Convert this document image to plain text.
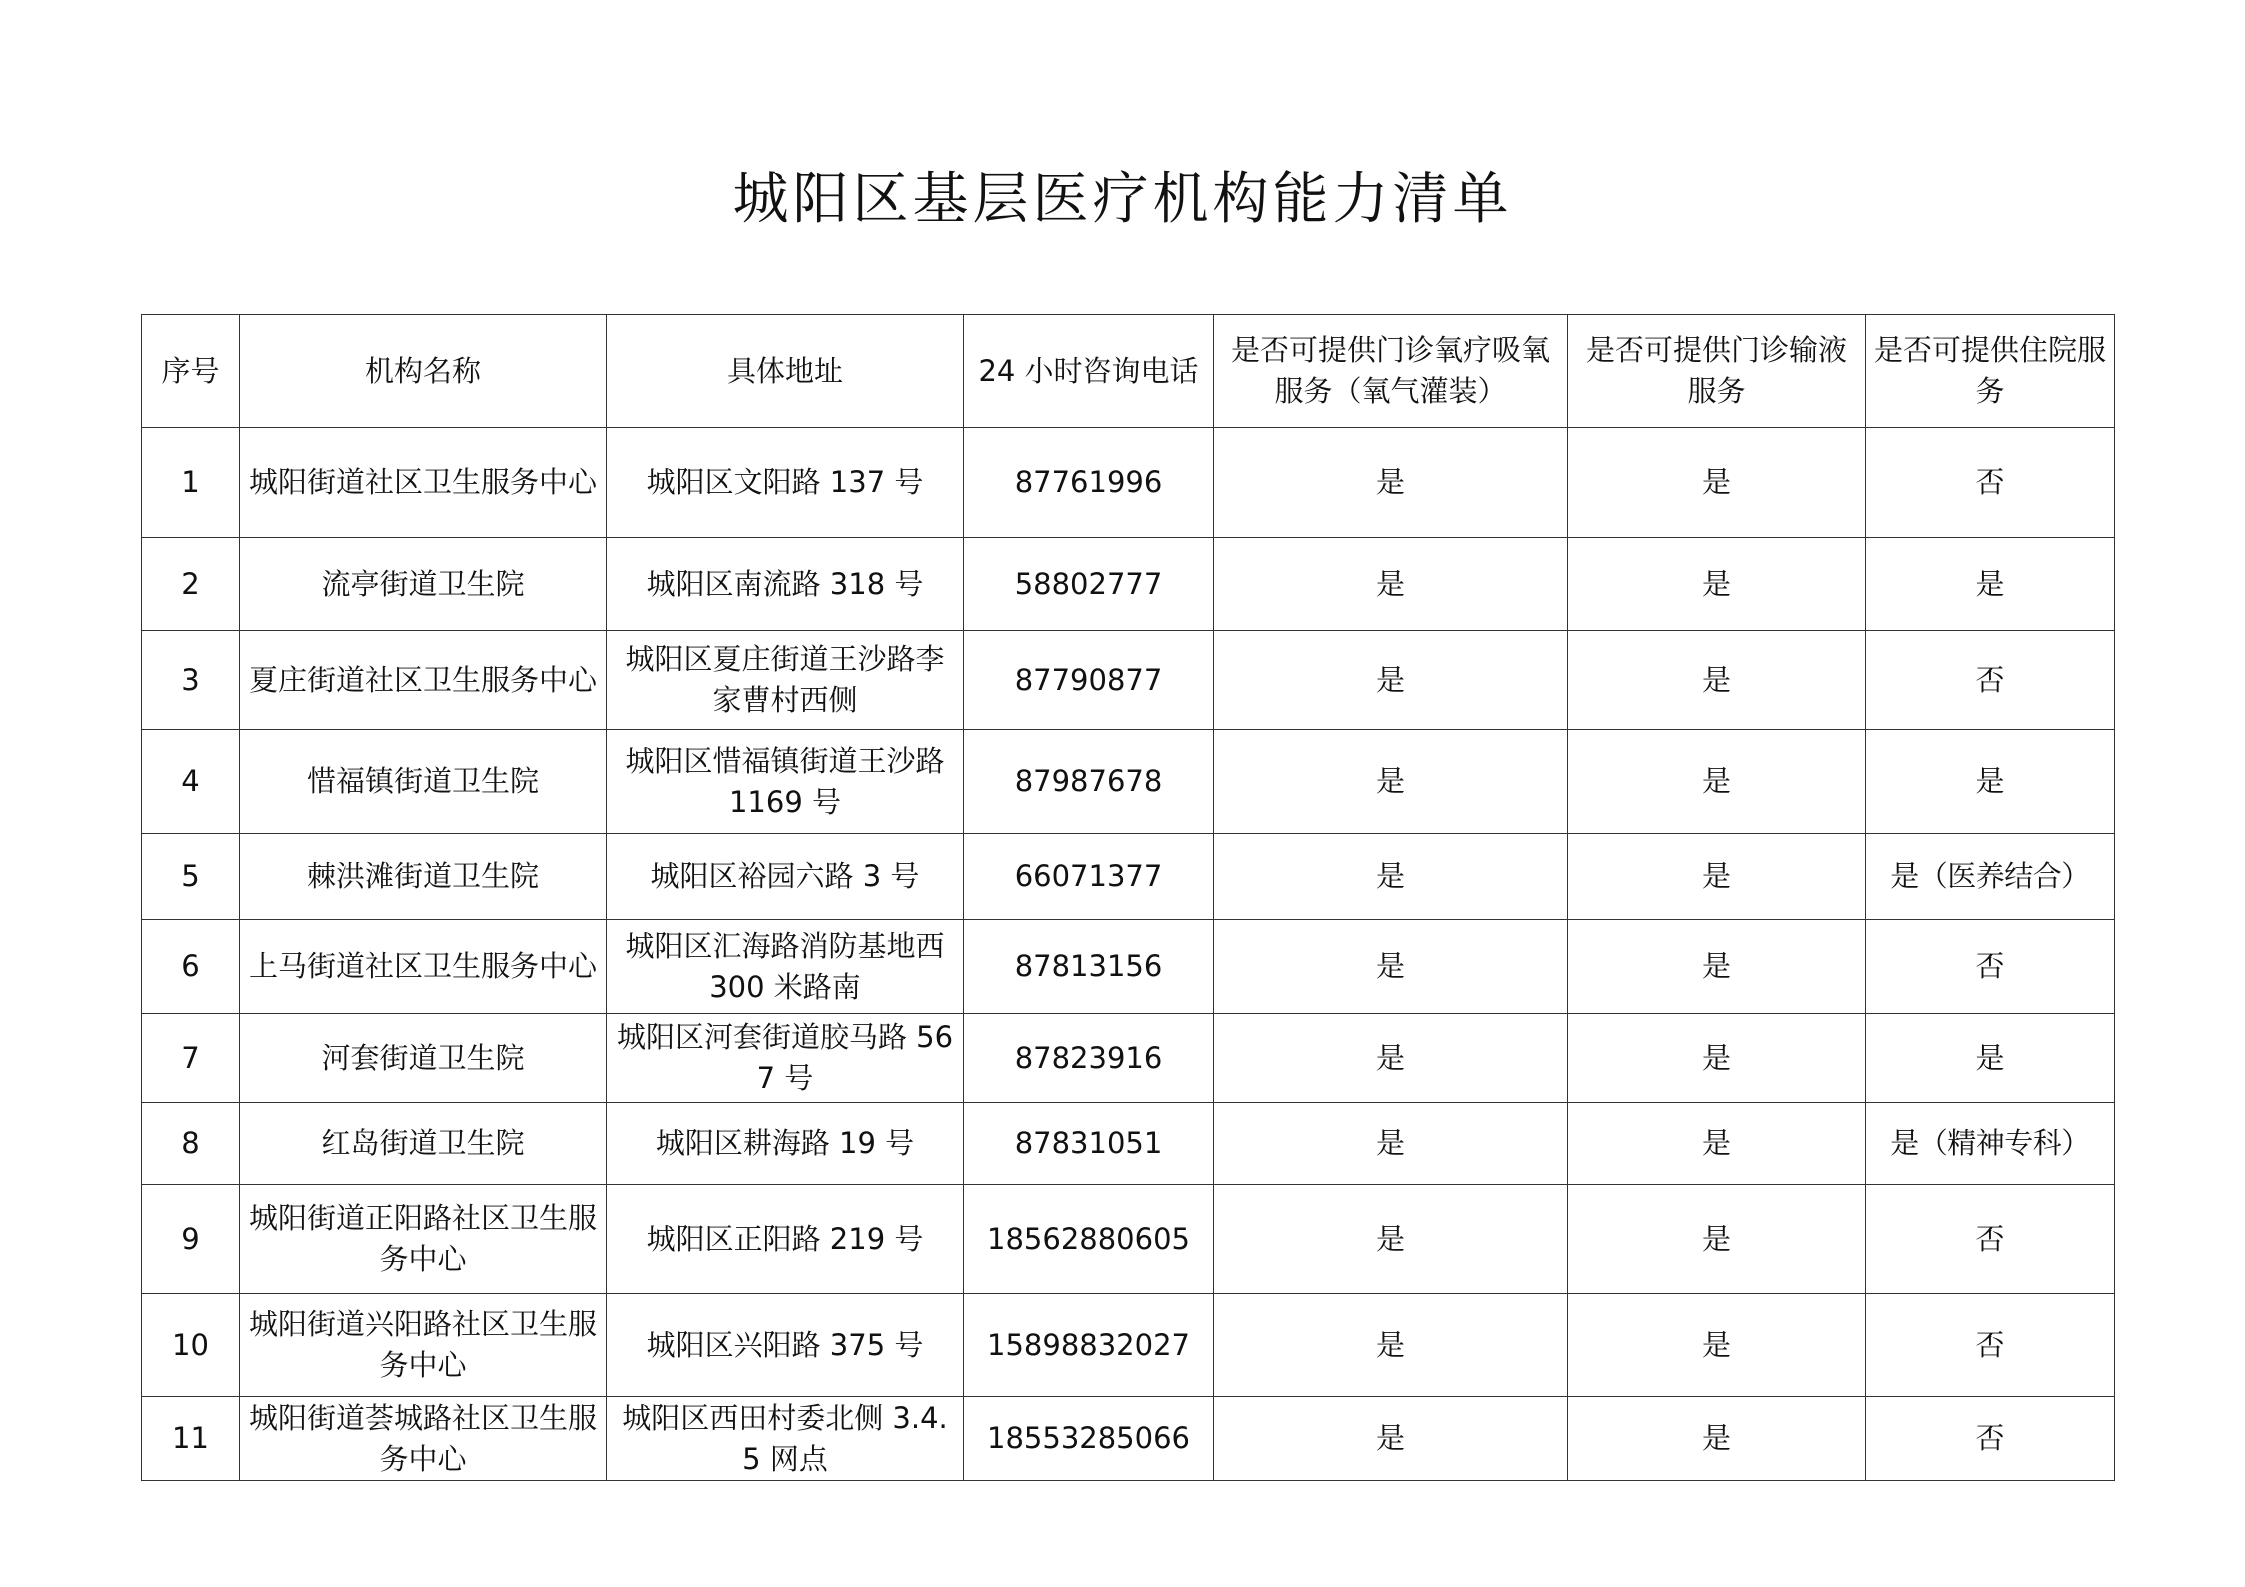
城阳区基层医疗机构能力清单
序号	机构名称	具体地址	24 小时咨询电话	是否可提供门诊氧疗吸氧服务（氧气灌装）	是否可提供门诊输液服务	是否可提供住院服务
1	城阳街道社区卫生服务中心	城阳区文阳路 137 号	87761996	是	是	否
2	流亭街道卫生院	城阳区南流路 318 号	58802777	是	是	是
3	夏庄街道社区卫生服务中心	城阳区夏庄街道王沙路李家曹村西侧	87790877	是	是	否
4	惜福镇街道卫生院	城阳区惜福镇街道王沙路 1169 号	87987678	是	是	是
5	棘洪滩街道卫生院	城阳区裕园六路 3 号	66071377	是	是	是（医养结合）
6	上马街道社区卫生服务中心	城阳区汇海路消防基地西 300 米路南	87813156	是	是	否
7	河套街道卫生院	城阳区河套街道胶马路 567 号	87823916	是	是	是
8	红岛街道卫生院	城阳区耕海路 19 号	87831051	是	是	是（精神专科）
9	城阳街道正阳路社区卫生服务中心	城阳区正阳路 219 号	18562880605	是	是	否
10	城阳街道兴阳路社区卫生服务中心	城阳区兴阳路 375 号	15898832027	是	是	否
11	城阳街道荟城路社区卫生服务中心	城阳区西田村委北侧 3.4.5 网点	18553285066	是	是	否
